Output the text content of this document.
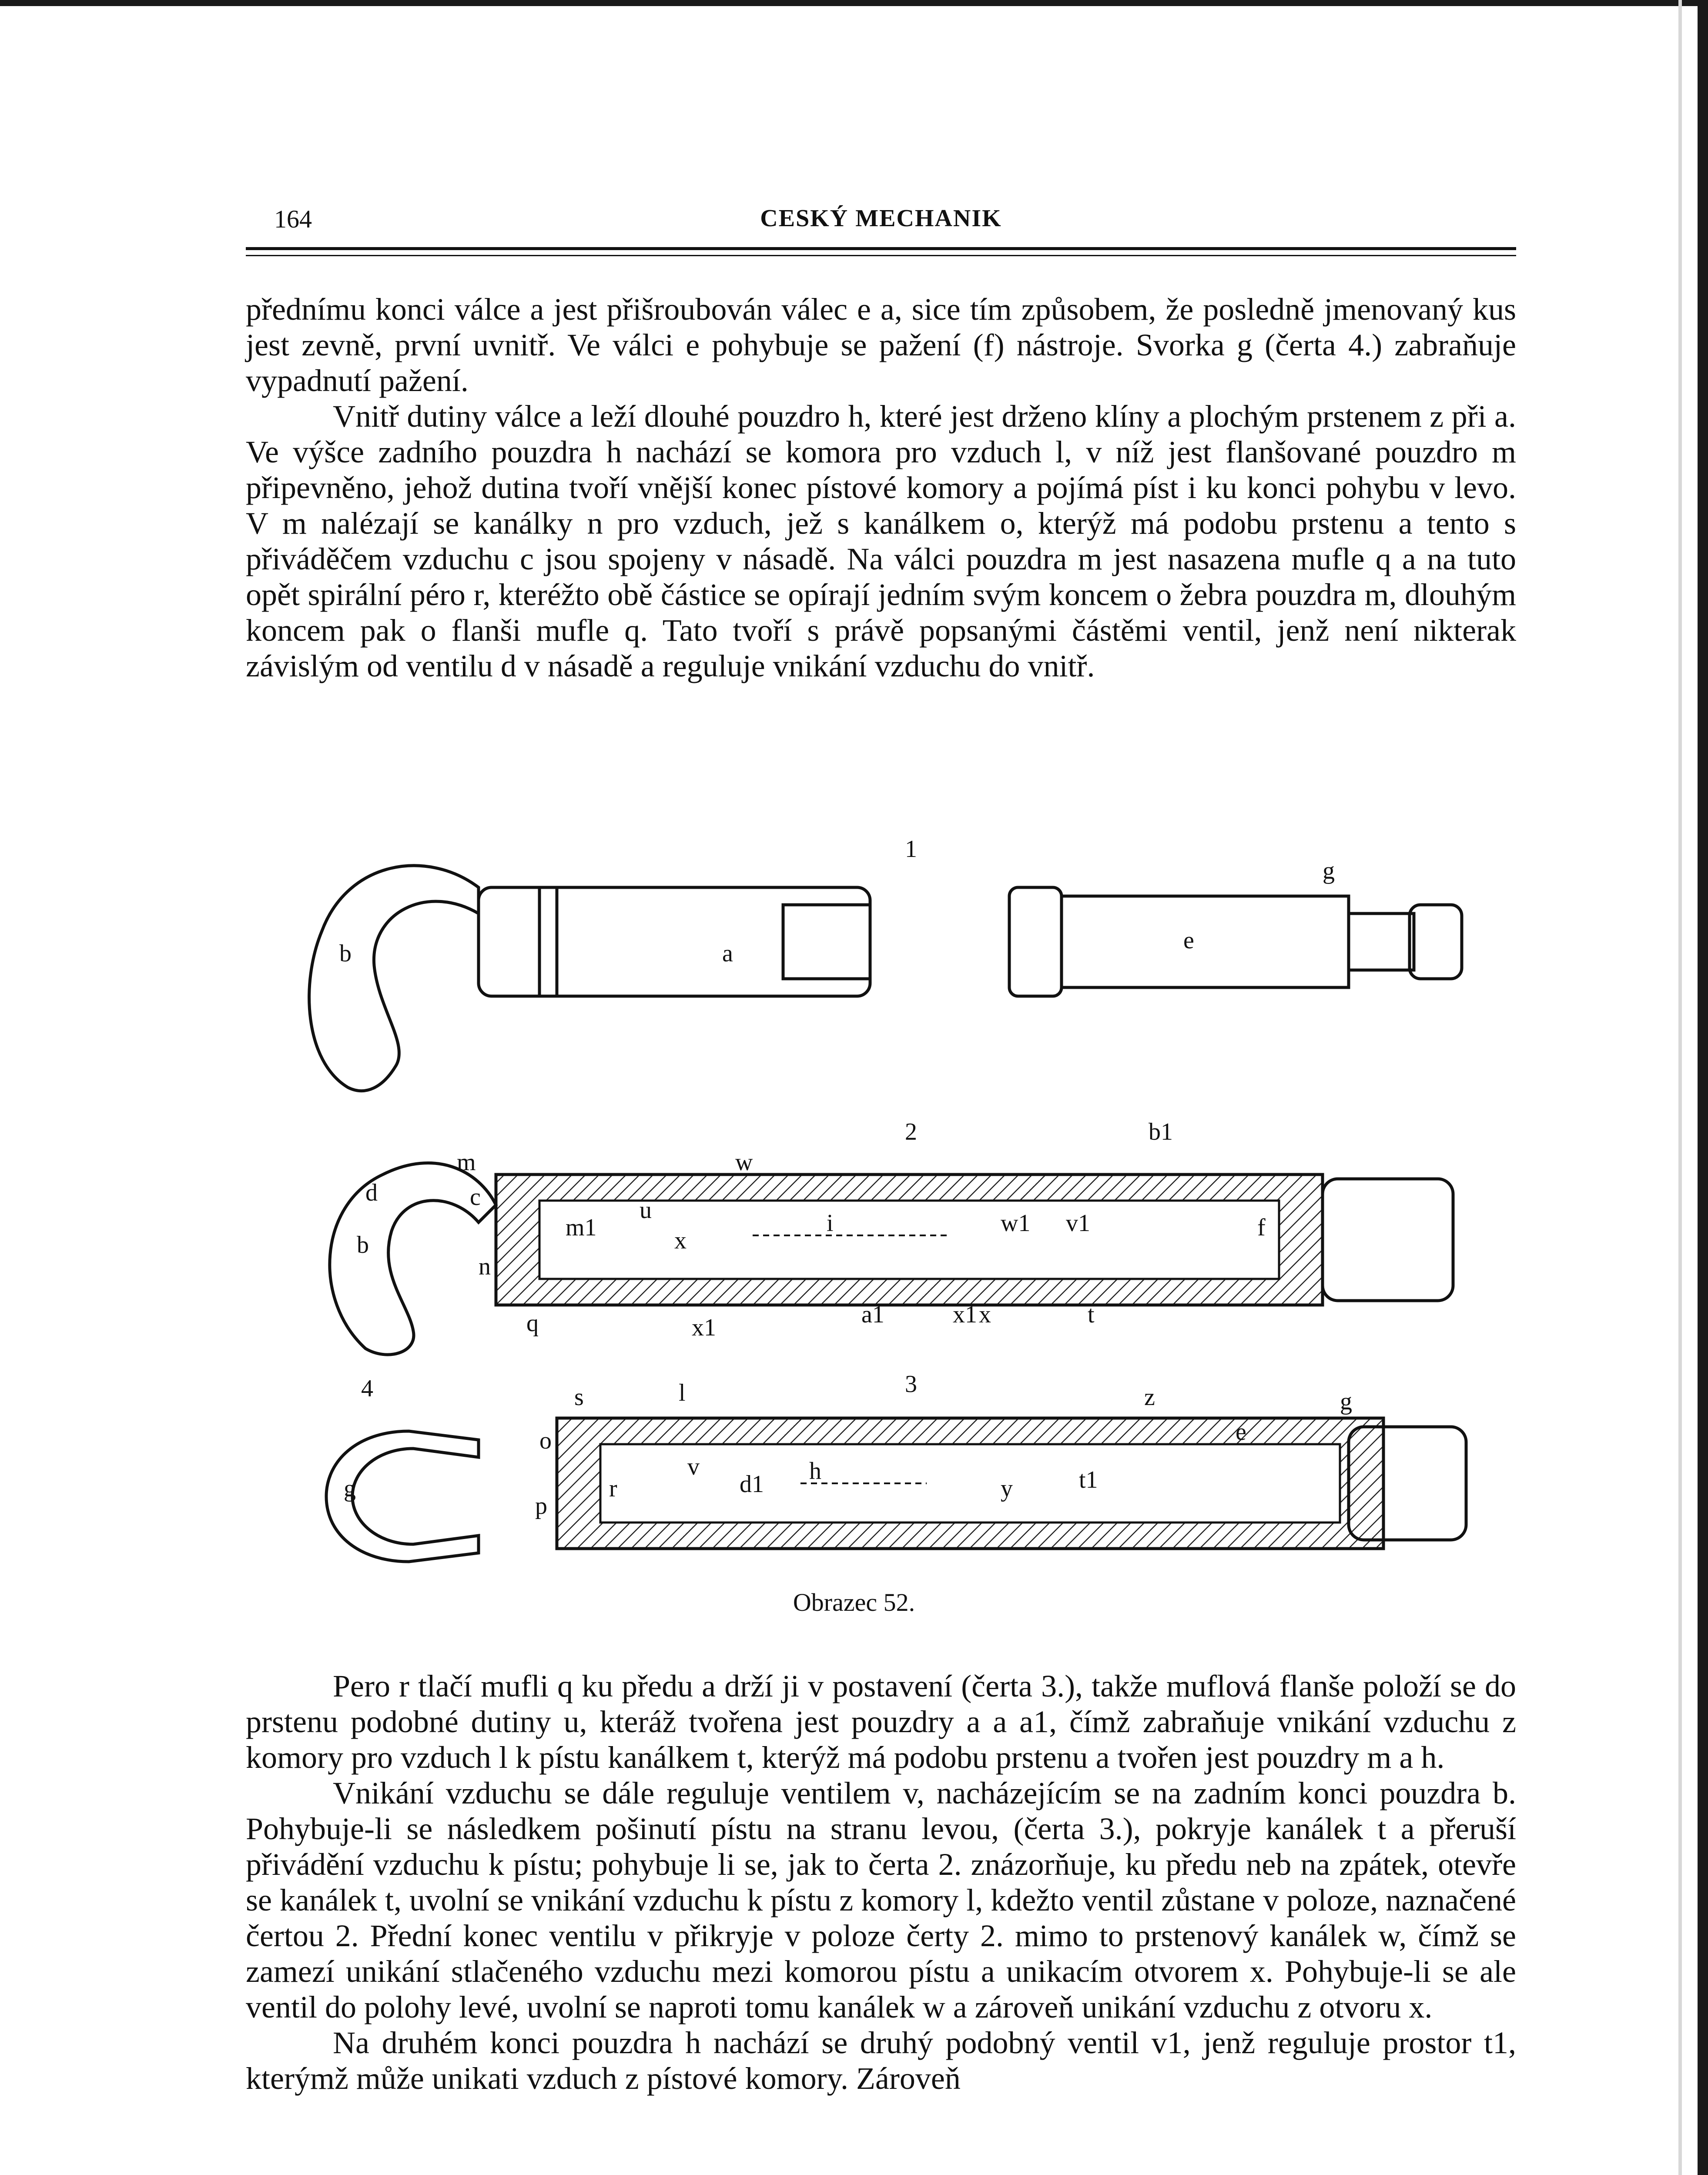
164	CESKÝ MECHANIK

přednímu konci válce a jest přišroubován válec e a, sice tím způsobem, že posledně jmenovaný kus jest zevně, první uvnitř. Ve válci e pohybuje se pažení (f) nástroje. Svorka g (čerta 4.) zabraňuje vypadnutí pažení.

Vnitř dutiny válce a leží dlouhé pouzdro h, které jest drženo klíny a plochým prstenem z při a. Ve výšce zadního pouzdra h nachází se komora pro vzduch l, v níž jest flanšované pouzdro m připevněno, jehož dutina tvoří vnější konec pístové komory a pojímá píst i ku konci pohybu v levo. V m nalézají se kanálky n pro vzduch, jež s kanálkem o, kterýž má podobu prstenu a tento s přiváděčem vzduchu c jsou spojeny v násadě. Na válci pouzdra m jest nasazena mufle q a na tuto opět spirální péro r, kteréžto obě částice se opírají jedním svým koncem o žebra pouzdra m, dlouhým koncem pak o flanši mufle q. Tato tvoří s právě popsanými částěmi ventil, jenž není nikterak závislým od ventilu d v násadě a reguluje vnikání vzduchu do vnitř.

1
b	a	e
g
2
m	w
b1
d	c
m1
u
x
i	w1 v1	f
b
n
q	x1	a1	x1 x	t
4
g
3
s	l	z	g
e
o
r
v
d1 h
y	t1
p
Obrazec 52.

Pero r tlačí mufli q ku předu a drží ji v postavení (čerta 3.), takže muflová flanše položí se do prstenu podobné dutiny u, kteráž tvořena jest pouzdry a a a1, čímž zabraňuje vnikání vzduchu z komory pro vzduch l k pístu kanálkem t, kterýž má podobu prstenu a tvořen jest pouzdry m a h.

Vnikání vzduchu se dále reguluje ventilem v, nacházejícím se na zadním konci pouzdra b. Pohybuje-li se následkem pošinutí pístu na stranu levou, (čerta 3.), pokryje kanálek t a přeruší přivádění vzduchu k pístu; pohybuje li se, jak to čerta 2. znázorňuje, ku předu neb na zpátek, otevře se kanálek t, uvolní se vnikání vzduchu k pístu z komory l, kdežto ventil zůstane v poloze, naznačené čertou 2. Přední konec ventilu v přikryje v poloze čerty 2. mimo to prstenový kanálek w, čímž se zamezí unikání stlačeného vzduchu mezi komorou pístu a unikacím otvorem x. Pohybuje-li se ale ventil do polohy levé, uvolní se naproti tomu kanálek w a zároveň unikání vzduchu z otvoru x.

Na druhém konci pouzdra h nachází se druhý podobný ventil v1, jenž reguluje prostor t1, kterýmž může unikati vzduch z pístové komory. Zároveň
